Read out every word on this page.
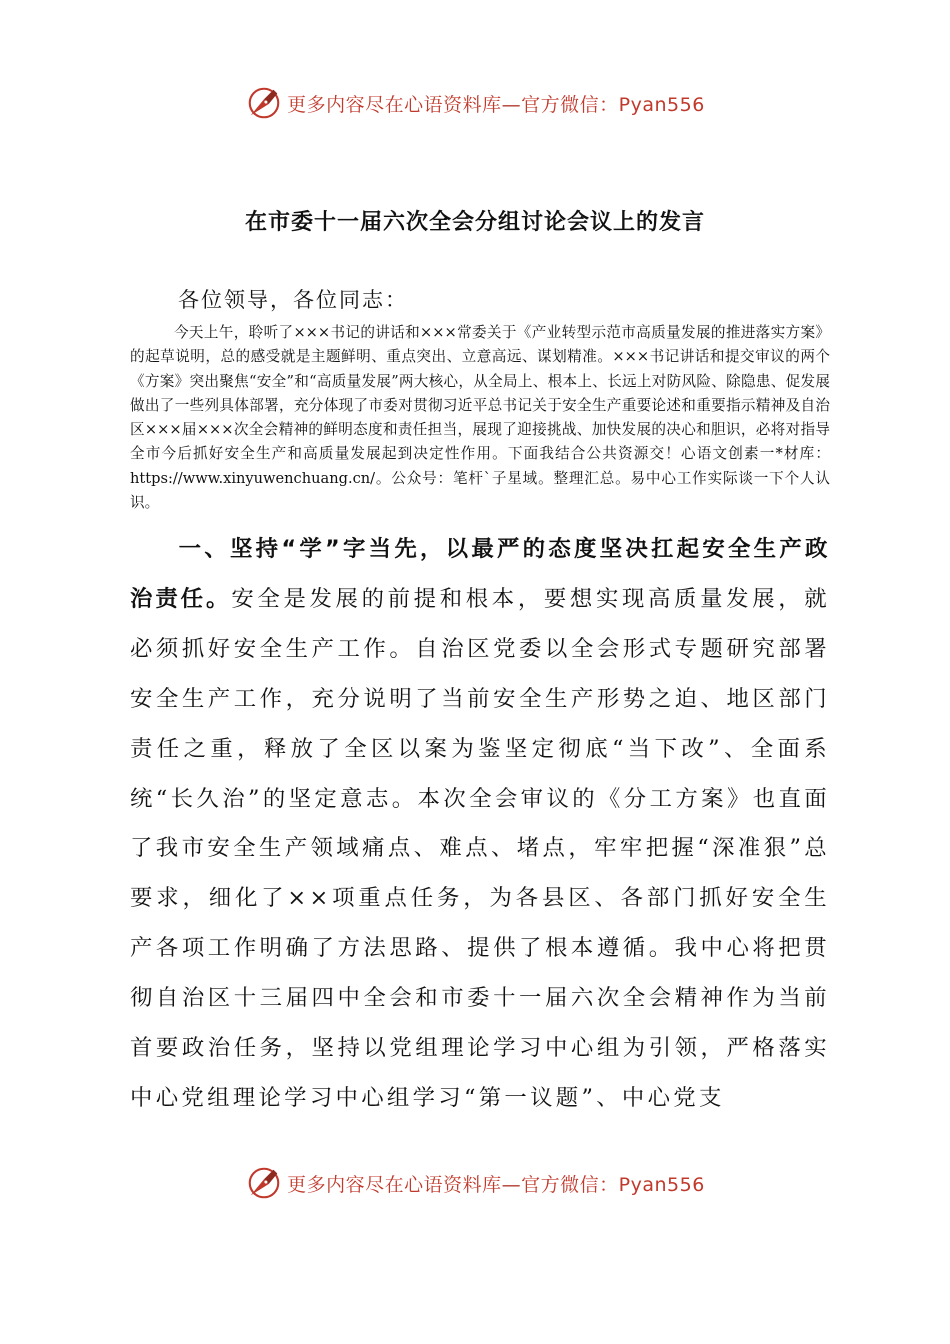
更多内容尽在心语资料库—官方微信：Pyan556
在市委十一届六次全会分组讨论会议上的发言
各位领导，各位同志：

今天上午，聆听了×××书记的讲话和×××常委关于《产业转型示范市高质量发展的推进落实方案》的起草说明，总的感受就是主题鲜明、重点突出、立意高远、谋划精准。×××书记讲话和提交审议的两个《方案》突出聚焦“安全”和“高质量发展”两大核心，从全局上、根本上、长远上对防风险、除隐患、促发展做出了一些列具体部署，充分体现了市委对贯彻习近平总书记关于安全生产重要论述和重要指示精神及自治区×××届×××次全会精神的鲜明态度和责任担当，展现了迎接挑战、加快发展的决心和胆识，必将对指导全市今后抓好安全生产和高质量发展起到决定性作用。下面我结合公共资源交！心语文创素一*材库：https://www.xinyuwenchuang.cn/。公众号：笔杆`子星域。整理汇总。易中心工作实际谈一下个人认识。

一、坚持“学”字当先，以最严的态度坚决扛起安全生产政治责任。安全是发展的前提和根本，要想实现高质量发展，就必须抓好安全生产工作。自治区党委以全会形式专题研究部署安全生产工作，充分说明了当前安全生产形势之迫、地区部门责任之重，释放了全区以案为鉴坚定彻底“当下改”、全面系统“长久治”的坚定意志。本次全会审议的《分工方案》也直面了我市安全生产领域痛点、难点、堵点，牢牢把握“深准狠”总要求，细化了××项重点任务，为各县区、各部门抓好安全生产各项工作明确了方法思路、提供了根本遵循。我中心将把贯彻自治区十三届四中全会和市委十一届六次全会精神作为当前首要政治任务，坚持以党组理论学习中心组为引领，严格落实中心党组理论学习中心组学习“第一议题”、中心党支

更多内容尽在心语资料库—官方微信：Pyan556
